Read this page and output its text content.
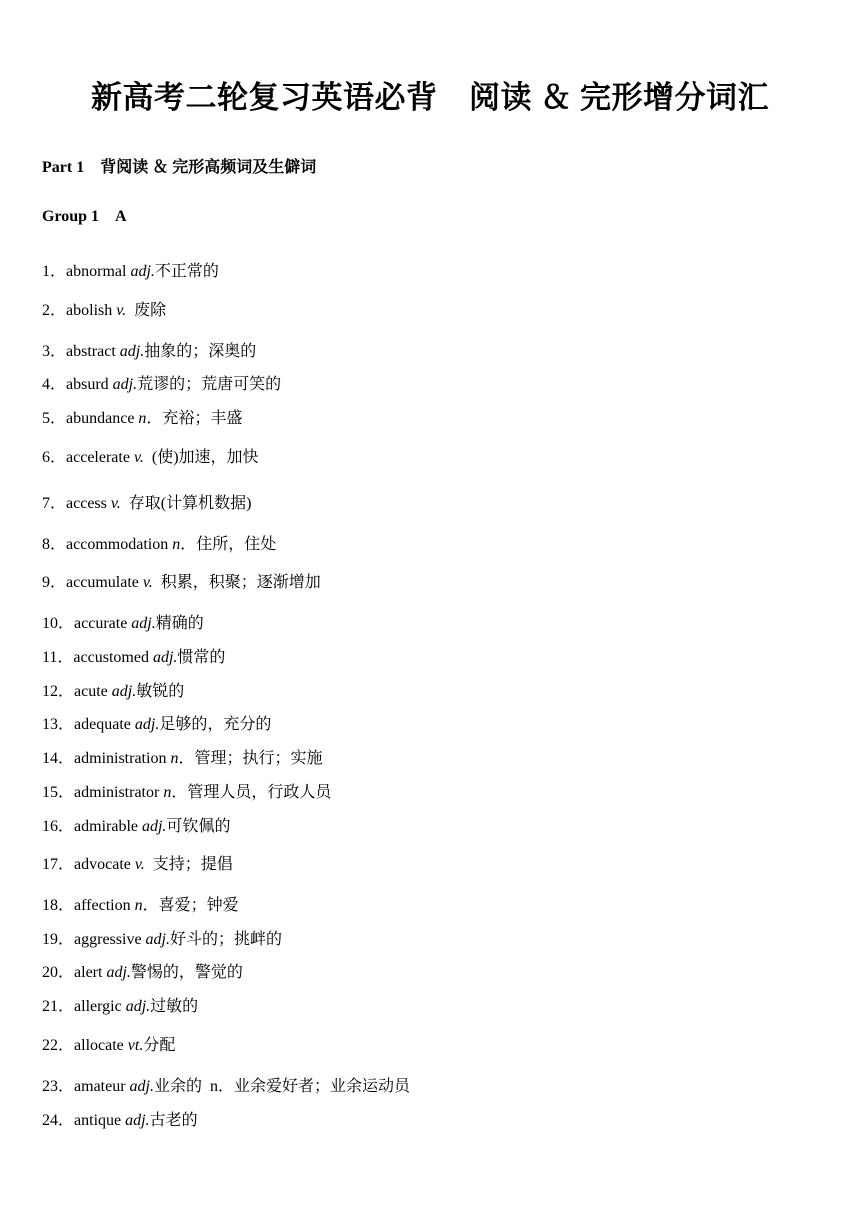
新高考二轮复习英语必背　阅读 ＆ 完形增分词汇
Part 1　背阅读 ＆ 完形高频词及生僻词
Group 1　A
1．abnormal adj.不正常的
2．abolish v.  废除
3．abstract adj.抽象的；深奥的
4．absurd adj.荒谬的；荒唐可笑的
5．abundance n．充裕；丰盛
6．accelerate v.  (使)加速，加快
7．access v.  存取(计算机数据)
8．accommodation n．住所，住处
9．accumulate v.  积累，积聚；逐渐增加
10．accurate adj.精确的
11．accustomed adj.惯常的
12．acute adj.敏锐的
13．adequate adj.足够的，充分的
14．administration n．管理；执行；实施
15．administrator n．管理人员，行政人员
16．admirable adj.可钦佩的
17．advocate v.  支持；提倡
18．affection n．喜爱；钟爱
19．aggressive adj.好斗的；挑衅的
20．alert adj.警惕的，警觉的
21．allergic adj.过敏的
22．allocate vt.分配
23．amateur adj.业余的  n．业余爱好者；业余运动员
24．antique adj.古老的
